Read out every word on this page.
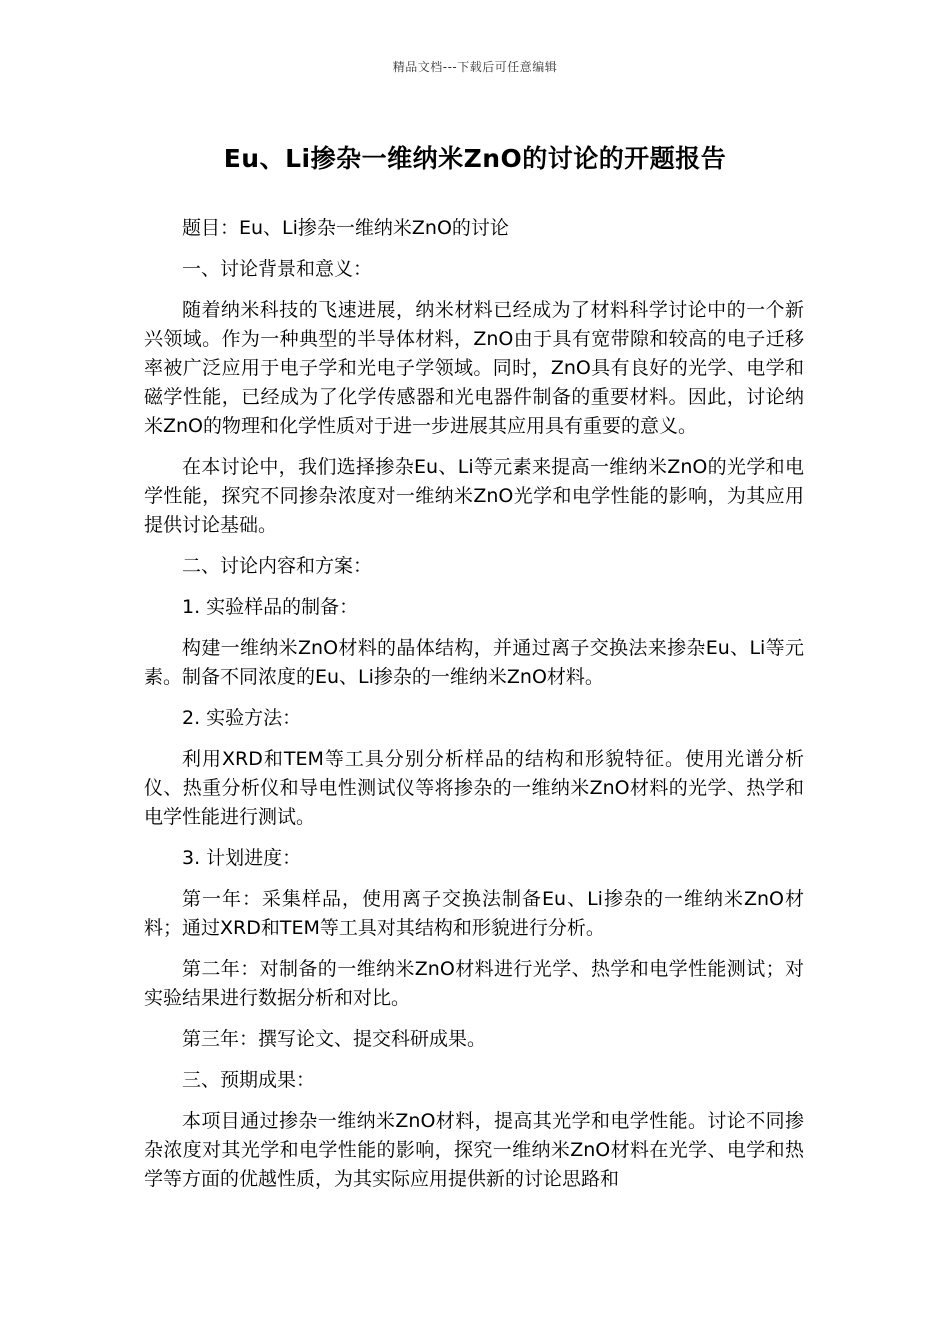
精品文档---下载后可任意编辑
Eu、Li掺杂一维纳米ZnO的讨论的开题报告

题目：Eu、Li掺杂一维纳米ZnO的讨论

一、讨论背景和意义：

随着纳米科技的飞速进展，纳米材料已经成为了材料科学讨论中的一个新兴领域。作为一种典型的半导体材料，ZnO由于具有宽带隙和较高的电子迁移率被广泛应用于电子学和光电子学领域。同时，ZnO具有良好的光学、电学和磁学性能，已经成为了化学传感器和光电器件制备的重要材料。因此，讨论纳米ZnO的物理和化学性质对于进一步进展其应用具有重要的意义。

在本讨论中，我们选择掺杂Eu、Li等元素来提高一维纳米ZnO的光学和电学性能，探究不同掺杂浓度对一维纳米ZnO光学和电学性能的影响，为其应用提供讨论基础。

二、讨论内容和方案：

1. 实验样品的制备：

构建一维纳米ZnO材料的晶体结构，并通过离子交换法来掺杂Eu、Li等元素。制备不同浓度的Eu、Li掺杂的一维纳米ZnO材料。

2. 实验方法：

利用XRD和TEM等工具分别分析样品的结构和形貌特征。使用光谱分析仪、热重分析仪和导电性测试仪等将掺杂的一维纳米ZnO材料的光学、热学和电学性能进行测试。

3. 计划进度：

第一年：采集样品，使用离子交换法制备Eu、Li掺杂的一维纳米ZnO材料；通过XRD和TEM等工具对其结构和形貌进行分析。

第二年：对制备的一维纳米ZnO材料进行光学、热学和电学性能测试；对实验结果进行数据分析和对比。

第三年：撰写论文、提交科研成果。

三、预期成果：

本项目通过掺杂一维纳米ZnO材料，提高其光学和电学性能。讨论不同掺杂浓度对其光学和电学性能的影响，探究一维纳米ZnO材料在光学、电学和热学等方面的优越性质，为其实际应用提供新的讨论思路和
